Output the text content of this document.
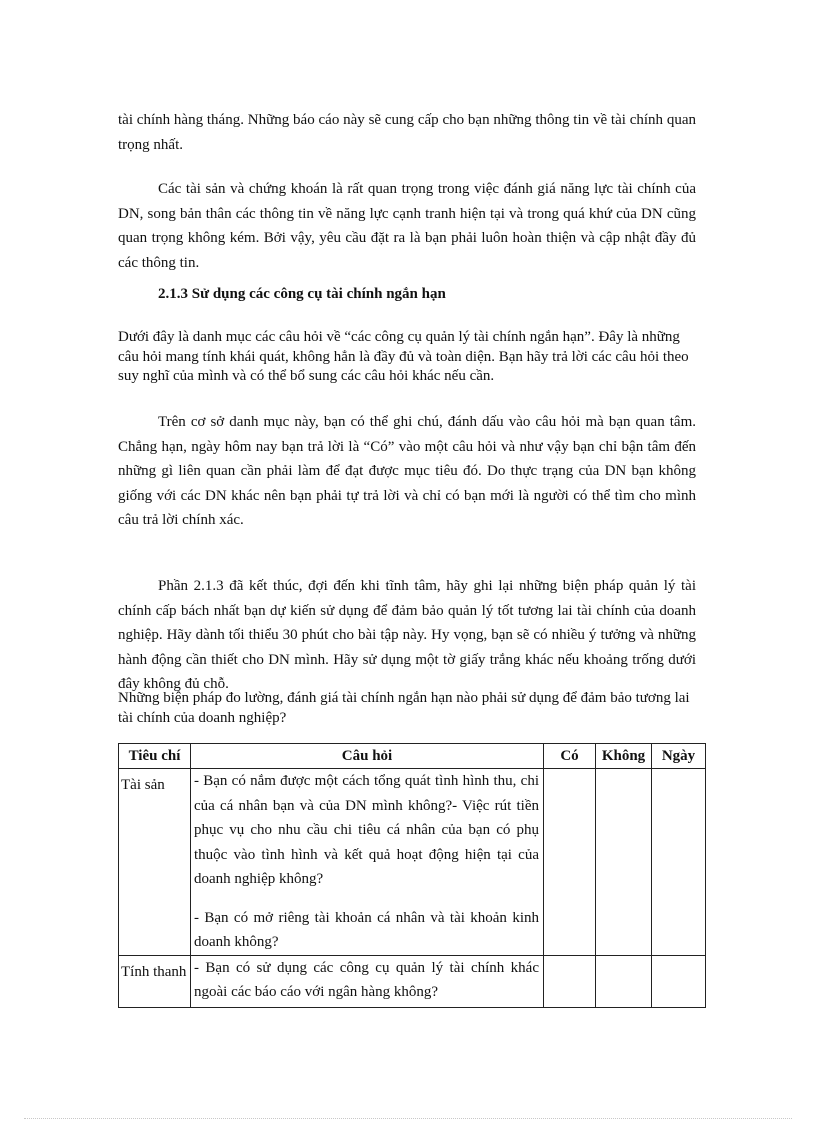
tài chính hàng tháng. Những báo cáo này sẽ cung cấp cho bạn những thông tin về tài chính quan trọng nhất.

Các tài sản và chứng khoán là rất quan trọng trong việc đánh giá năng lực tài chính của DN, song bản thân các thông tin về năng lực cạnh tranh hiện tại và trong quá khứ của DN cũng quan trọng không kém. Bởi vậy, yêu cầu đặt ra là bạn phải luôn hoàn thiện và cập nhật đầy đủ các thông tin.

2.1.3 Sử dụng các công cụ tài chính ngắn hạn

Dưới đây là danh mục các câu hỏi về “các công cụ quản lý tài chính ngắn hạn”. Đây là những câu hỏi mang tính khái quát, không hẳn là đầy đủ và toàn diện. Bạn hãy trả lời các câu hỏi theo suy nghĩ của mình và có thể bổ sung các câu hỏi khác nếu cần.

Trên cơ sở danh mục này, bạn có thể ghi chú, đánh dấu vào câu hỏi mà bạn quan tâm. Chẳng hạn, ngày hôm nay bạn trả lời là “Có” vào một câu hỏi và như vậy bạn chỉ bận tâm đến những gì liên quan cần phải làm để đạt được mục tiêu đó. Do thực trạng của DN bạn không giống với các DN khác nên bạn phải tự trả lời và chỉ có bạn mới là người có thể tìm cho mình câu trả lời chính xác.

Phần 2.1.3 đã kết thúc, đợi đến khi tĩnh tâm, hãy ghi lại những biện pháp quản lý tài chính cấp bách nhất bạn dự kiến sử dụng để đảm bảo quản lý tốt tương lai tài chính của doanh nghiệp. Hãy dành tối thiểu 30 phút cho bài tập này. Hy vọng, bạn sẽ có nhiều ý tưởng và những hành động cần thiết cho DN mình. Hãy sử dụng một tờ giấy trắng khác nếu khoảng trống dưới đây không đủ chỗ.

Những biện pháp đo lường, đánh giá tài chính ngắn hạn nào phải sử dụng để đảm bảo tương lai tài chính của doanh nghiệp?

Tiêu chí	Câu hỏi	Có	Không	Ngày
Tài sản	- Bạn có nắm được một cách tổng quát tình hình thu, chi của cá nhân bạn và của DN mình không?- Việc rút tiền phục vụ cho nhu cầu chi tiêu cá nhân của bạn có phụ thuộc vào tình hình và kết quả hoạt động hiện tại của doanh nghiệp không?
- Bạn có mở riêng tài khoản cá nhân và tài khoản kinh doanh không?			
Tính thanh	- Bạn có sử dụng các công cụ quản lý tài chính khác ngoài các báo cáo với ngân hàng không?			
